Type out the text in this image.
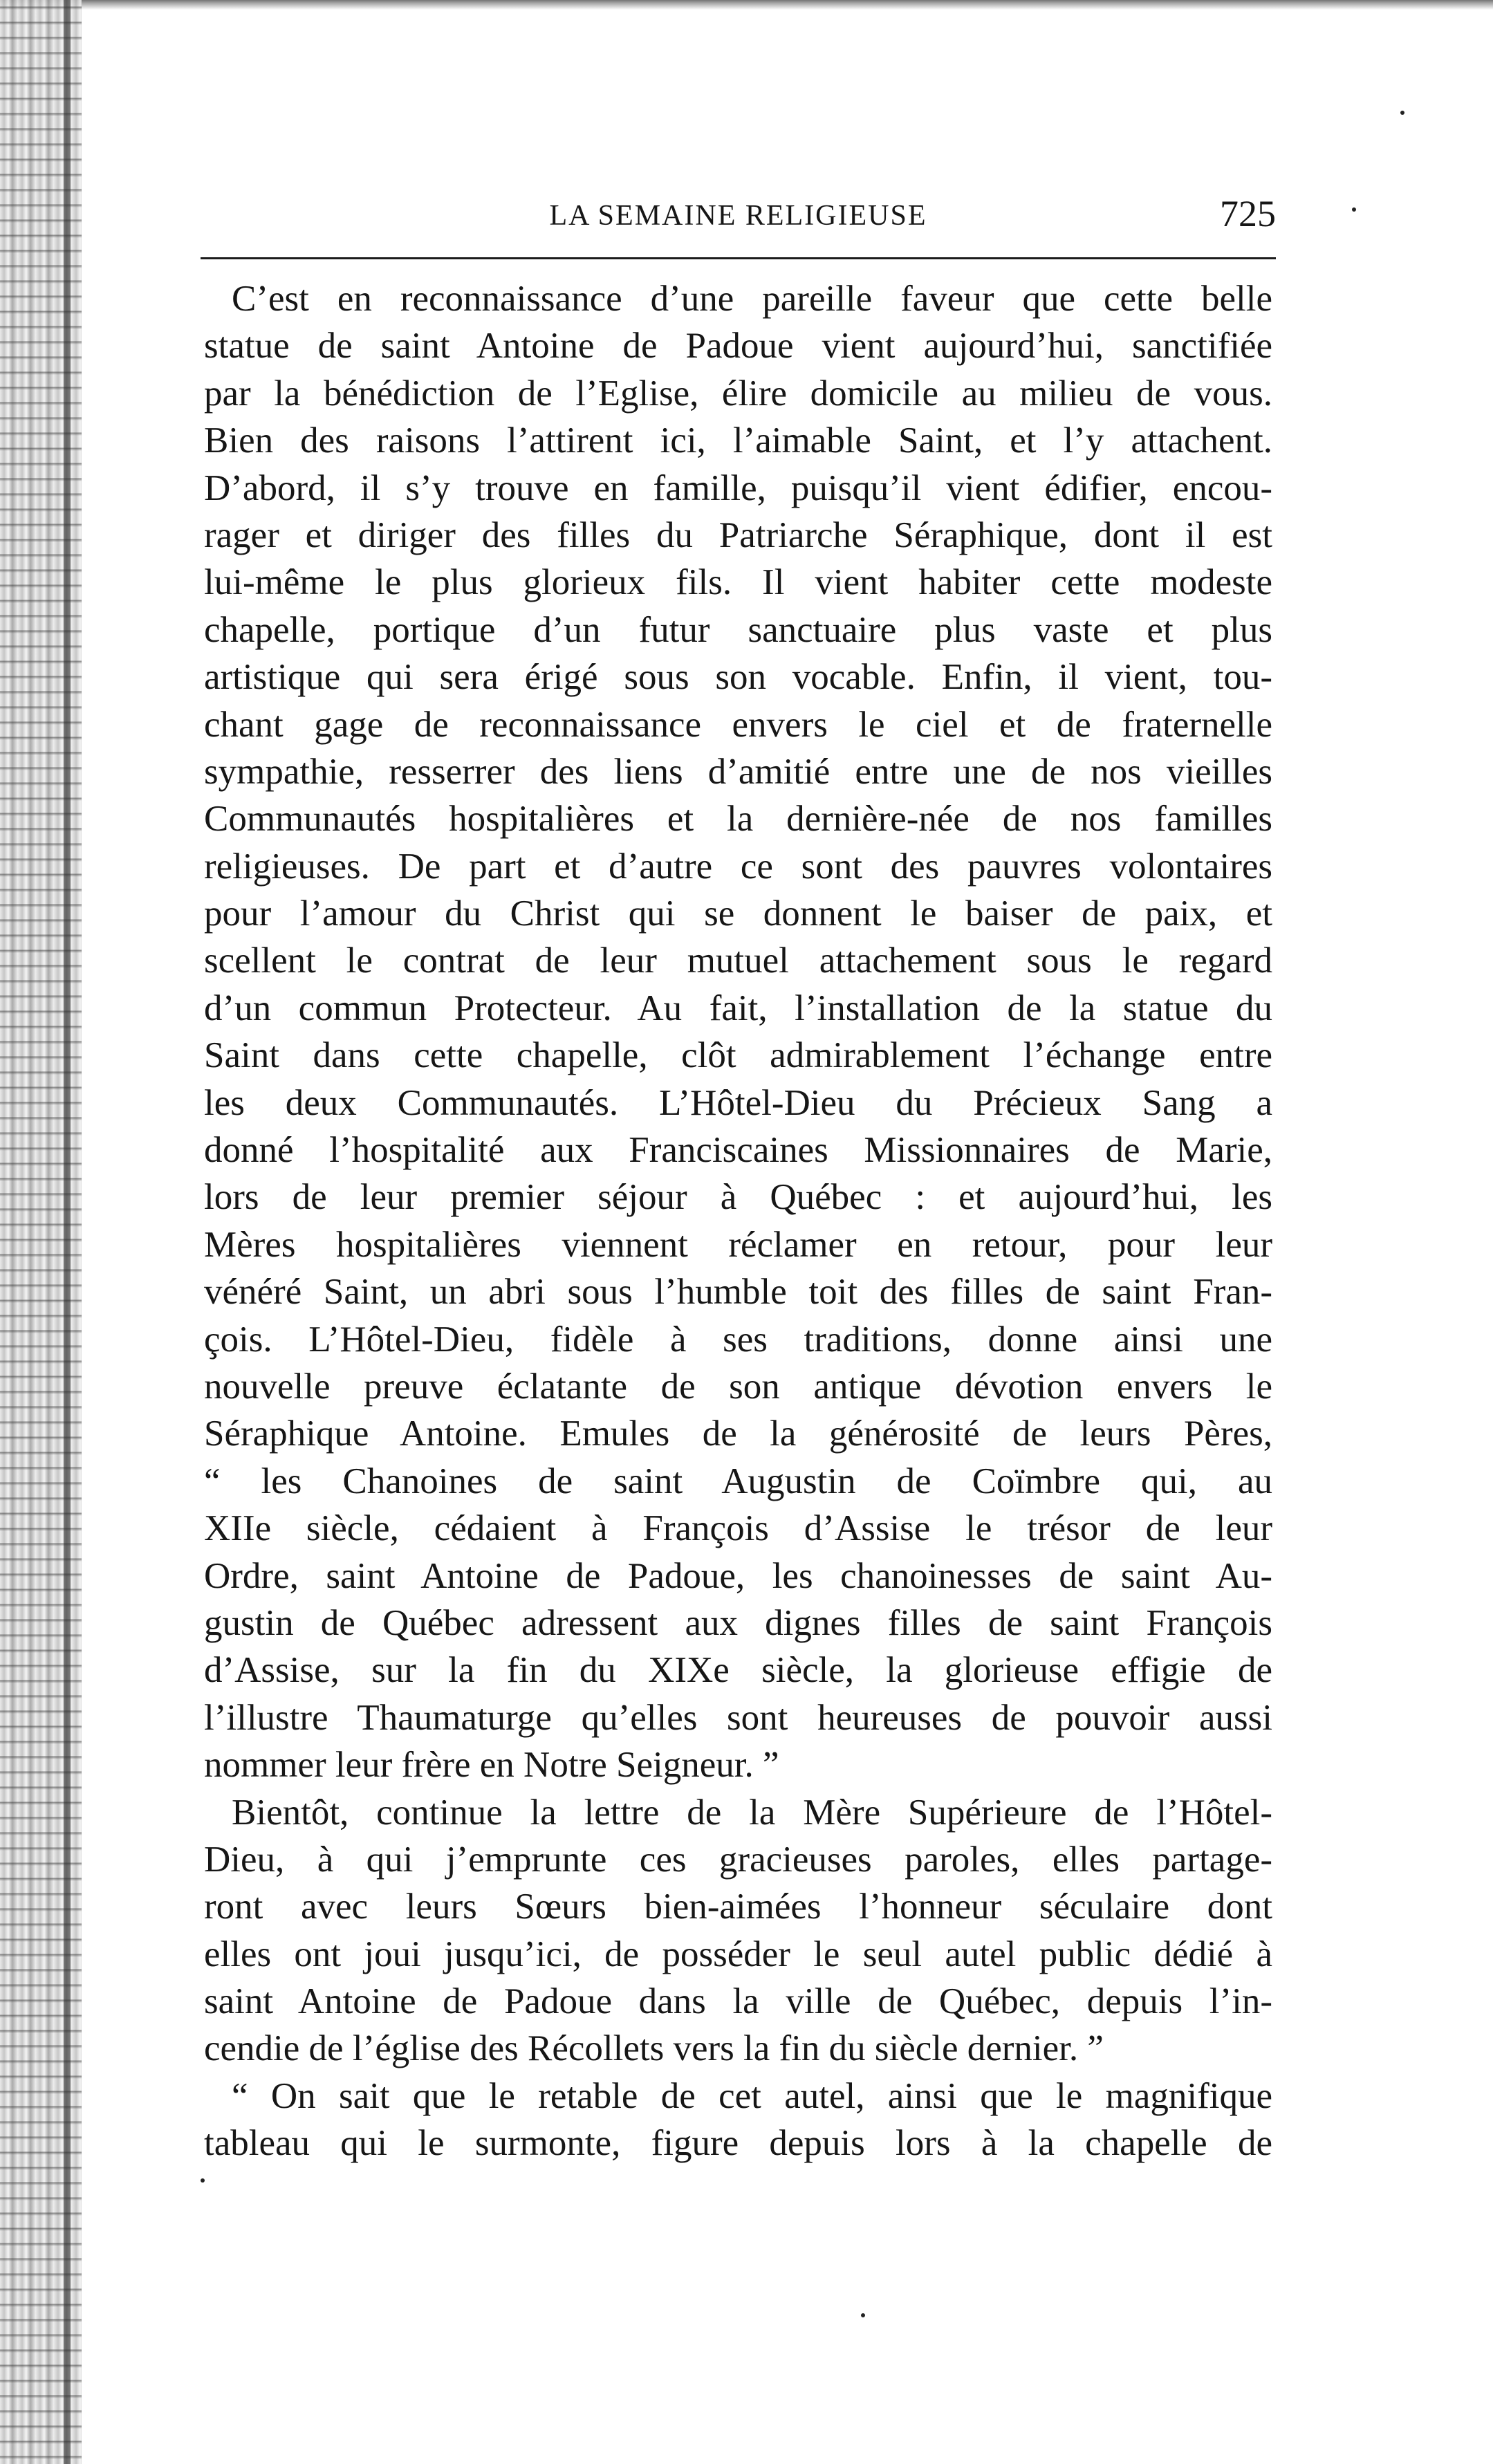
LA SEMAINE RELIGIEUSE	725
C’est en reconnaissance d’une pareille faveur que cette belle
statue de saint Antoine de Padoue vient aujourd’hui, sanctifiée
par la bénédiction de l’Eglise, élire domicile au milieu de vous.
Bien des raisons l’attirent ici, l’aimable Saint, et l’y attachent.
D’abord, il s’y trouve en famille, puisqu’il vient édifier, encou-
rager et diriger des filles du Patriarche Séraphique, dont il est
lui-même le plus glorieux fils. Il vient habiter cette modeste
chapelle, portique d’un futur sanctuaire plus vaste et plus
artistique qui sera érigé sous son vocable. Enfin, il vient, tou-
chant gage de reconnaissance envers le ciel et de fraternelle
sympathie, resserrer des liens d’amitié entre une de nos vieilles
Communautés hospitalières et la dernière-née de nos familles
religieuses. De part et d’autre ce sont des pauvres volontaires
pour l’amour du Christ qui se donnent le baiser de paix, et
scellent le contrat de leur mutuel attachement sous le regard
d’un commun Protecteur. Au fait, l’installation de la statue du
Saint dans cette chapelle, clôt admirablement l’échange entre
les deux Communautés. L’Hôtel-Dieu du Précieux Sang a
donné l’hospitalité aux Franciscaines Missionnaires de Marie,
lors de leur premier séjour à Québec : et aujourd’hui, les
Mères hospitalières viennent réclamer en retour, pour leur
vénéré Saint, un abri sous l’humble toit des filles de saint Fran-
çois. L’Hôtel-Dieu, fidèle à ses traditions, donne ainsi une
nouvelle preuve éclatante de son antique dévotion envers le
Séraphique Antoine. Emules de la générosité de leurs Pères,
“ les Chanoines de saint Augustin de Coïmbre qui, au
XIIe siècle, cédaient à François d’Assise le trésor de leur
Ordre, saint Antoine de Padoue, les chanoinesses de saint Au-
gustin de Québec adressent aux dignes filles de saint François
d’Assise, sur la fin du XIXe siècle, la glorieuse effigie de
l’illustre Thaumaturge qu’elles sont heureuses de pouvoir aussi
nommer leur frère en Notre Seigneur. ”
Bientôt, continue la lettre de la Mère Supérieure de l’Hôtel-
Dieu, à qui j’emprunte ces gracieuses paroles, elles partage-
ront avec leurs Sœurs bien-aimées l’honneur séculaire dont
elles ont joui jusqu’ici, de posséder le seul autel public dédié à
saint Antoine de Padoue dans la ville de Québec, depuis l’in-
cendie de l’église des Récollets vers la fin du siècle dernier. ”
“ On sait que le retable de cet autel, ainsi que le magnifique
tableau qui le surmonte, figure depuis lors à la chapelle de
